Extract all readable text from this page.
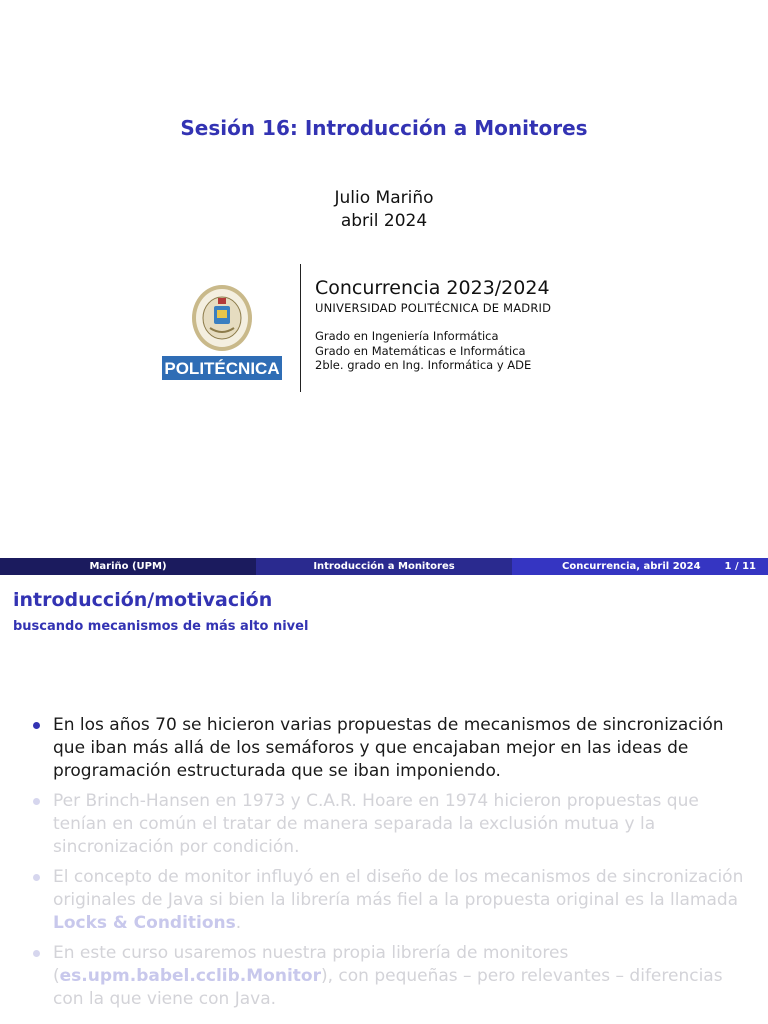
Sesión 16: Introducción a Monitores
Julio Mariño
abril 2024
POLITÉCNICA
Concurrencia 2023/2024
UNIVERSIDAD POLITÉCNICA DE MADRID
Grado en Ingeniería Informática
Grado en Matemáticas e Informática
2ble. grado en Ing. Informática y ADE
Mariño (UPM)	Introducción a Monitores	Concurrencia, abril 2024 1 / 11
introducción/motivación
buscando mecanismos de más alto nivel
En los años 70 se hicieron varias propuestas de mecanismos de sincronización que iban más allá de los semáforos y que encajaban mejor en las ideas de programación estructurada que se iban imponiendo.
Per Brinch-Hansen en 1973 y C.A.R. Hoare en 1974 hicieron propuestas que tenían en común el tratar de manera separada la exclusión mutua y la sincronización por condición.
El concepto de monitor influyó en el diseño de los mecanismos de sincronización originales de Java si bien la librería más fiel a la propuesta original es la llamada Locks & Conditions.
En este curso usaremos nuestra propia librería de monitores (es.upm.babel.cclib.Monitor), con pequeñas – pero relevantes – diferencias con la que viene con Java.
